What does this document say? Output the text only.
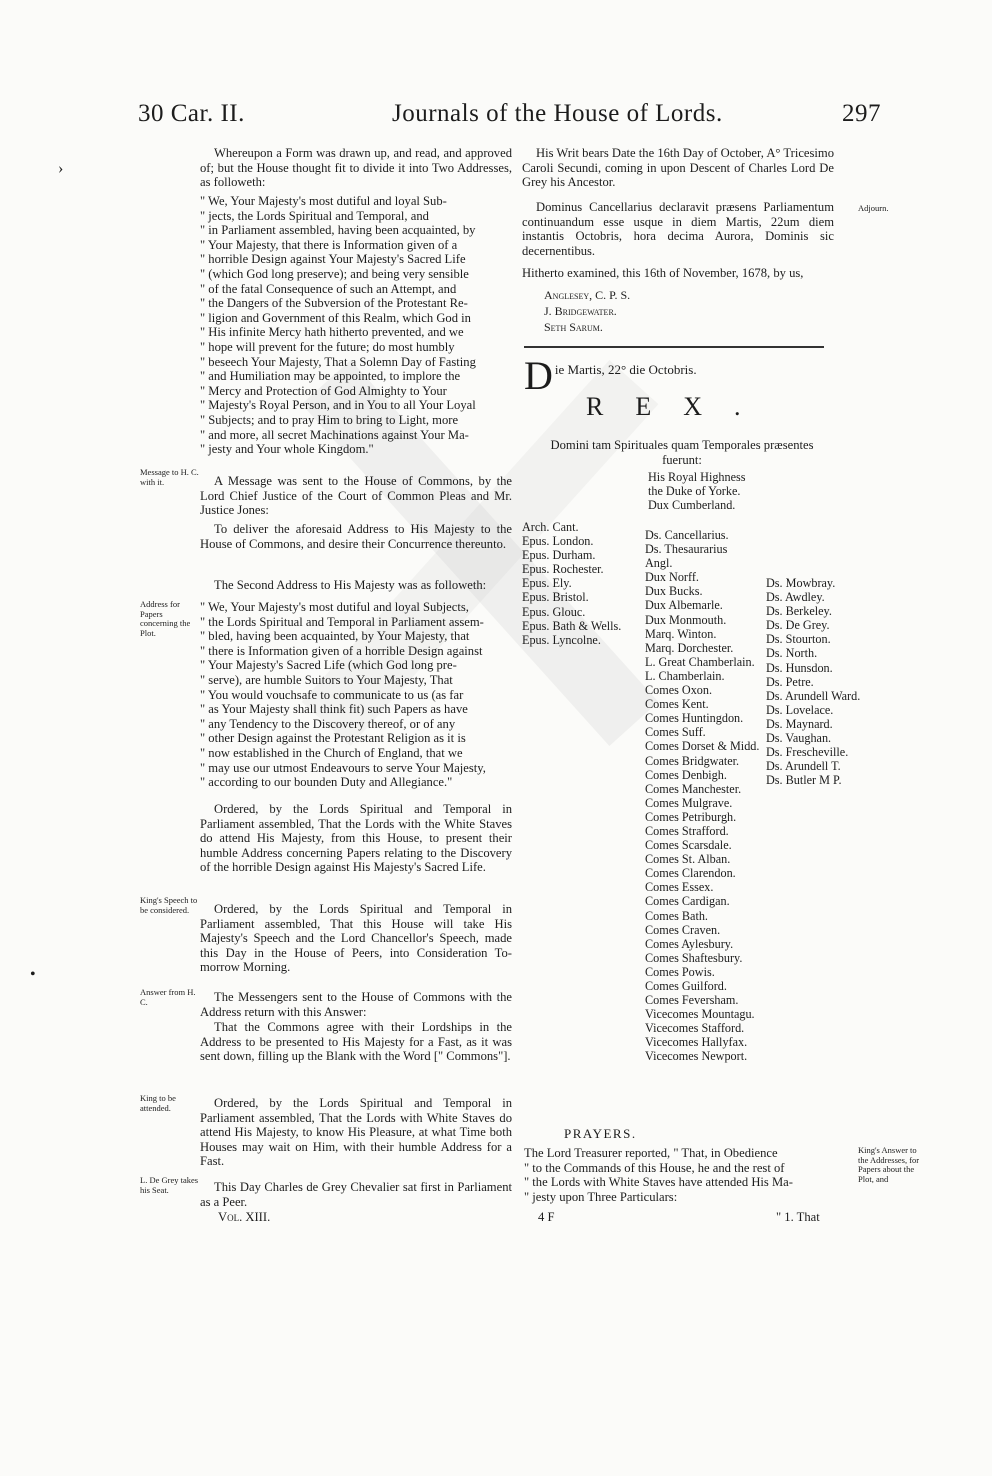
30 Car. II.	Journals of the House of Lords.	297
›
•

Whereupon a Form was drawn up, and read, and approved of; but the House thought fit to divide it into Two Addresses, as followeth:

" We, Your Majesty's most dutiful and loyal Sub-
" jects, the Lords Spiritual and Temporal, and
" in Parliament assembled, having been acquainted, by
" Your Majesty, that there is Information given of a
" horrible Design against Your Majesty's Sacred Life
" (which God long preserve); and being very sensible
" of the fatal Consequence of such an Attempt, and
" the Dangers of the Subversion of the Protestant Re-
" ligion and Government of this Realm, which God in
" His infinite Mercy hath hitherto prevented, and we
" hope will prevent for the future; do most humbly
" beseech Your Majesty, That a Solemn Day of Fasting
" and Humiliation may be appointed, to implore the
" Mercy and Protection of God Almighty to Your
" Majesty's Royal Person, and in You to all Your Loyal
" Subjects; and to pray Him to bring to Light, more
" and more, all secret Machinations against Your Ma-
" jesty and Your whole Kingdom."
Message to H. C. with it.	A Message was sent to the House of Commons, by the Lord Chief Justice of the Court of Common Pleas and Mr. Justice Jones:

To deliver the aforesaid Address to His Majesty to the House of Commons, and desire their Concurrence thereunto.

The Second Address to His Majesty was as followeth:

Address for Papers concerning the Plot.
" We, Your Majesty's most dutiful and loyal Subjects,
" the Lords Spiritual and Temporal in Parliament assem-
" bled, having been acquainted, by Your Majesty, that
" there is Information given of a horrible Design against
" Your Majesty's Sacred Life (which God long pre-
" serve), are humble Suitors to Your Majesty, That
" You would vouchsafe to communicate to us (as far
" as Your Majesty shall think fit) such Papers as have
" any Tendency to the Discovery thereof, or of any
" other Design against the Protestant Religion as it is
" now established in the Church of England, that we
" may use our utmost Endeavours to serve Your Majesty,
" according to our bounden Duty and Allegiance."

Ordered, by the Lords Spiritual and Temporal in Parliament assembled, That the Lords with the White Staves do attend His Majesty, from this House, to present their humble Address concerning Papers relating to the Discovery of the horrible Design against His Majesty's Sacred Life.

King's Speech to be considered.	Ordered, by the Lords Spiritual and Temporal in Parliament assembled, That this House will take His Majesty's Speech and the Lord Chancellor's Speech, made this Day in the House of Peers, into Consideration To-morrow Morning.

Answer from H. C.	The Messengers sent to the House of Commons with the Address return with this Answer:

That the Commons agree with their Lordships in the Address to be presented to His Majesty for a Fast, as it was sent down, filling up the Blank with the Word [" Commons"].

King to be attended.	Ordered, by the Lords Spiritual and Temporal in Parliament assembled, That the Lords with White Staves do attend His Majesty, to know His Pleasure, at what Time both Houses may wait on Him, with their humble Address for a Fast.

L. De Grey takes his Seat.	This Day Charles de Grey Chevalier sat first in Parliament as a Peer.

Vol. XIII.

His Writ bears Date the 16th Day of October, A° Tricesimo Caroli Secundi, coming in upon Descent of Charles Lord De Grey his Ancestor.

Adjourn.

Dominus Cancellarius declaravit præsens Parliamentum continuandum esse usque in diem Martis, 22um diem instantis Octobris, hora decima Aurora, Dominis sic decernentibus.

Hitherto examined, this 16th of November, 1678, by us,

Anglesey, C. P. S.
J. Bridgewater.
Seth Sarum.
D ie Martis, 22° die Octobris.
REX.
Domini tam Spirituales quam Temporales præsentes fuerunt:
His Royal Highness
the Duke of Yorke.
Dux Cumberland.
Arch. Cant.
Epus. London.
Epus. Durham.
Epus. Rochester.
Epus. Ely.
Epus. Bristol.
Epus. Glouc.
Epus. Bath & Wells.
Epus. Lyncolne.
Ds. Cancellarius.
Ds. Thesaurarius
Angl.
Dux Norff.
Dux Bucks.
Dux Albemarle.
Dux Monmouth.
Marq. Winton.
Marq. Dorchester.
L. Great Chamberlain.
L. Chamberlain.
Comes Oxon.
Comes Kent.
Comes Huntingdon.
Comes Suff.
Comes Dorset & Midd.
Comes Bridgwater.
Comes Denbigh.
Comes Manchester.
Comes Mulgrave.
Comes Petriburgh.
Comes Strafford.
Comes Scarsdale.
Comes St. Alban.
Comes Clarendon.
Comes Essex.
Comes Cardigan.
Comes Bath.
Comes Craven.
Comes Aylesbury.
Comes Shaftesbury.
Comes Powis.
Comes Guilford.
Comes Feversham.
Vicecomes Mountagu.
Vicecomes Stafford.
Vicecomes Hallyfax.
Vicecomes Newport.
Ds. Mowbray.
Ds. Awdley.
Ds. Berkeley.
Ds. De Grey.
Ds. Stourton.
Ds. North.
Ds. Hunsdon.
Ds. Petre.
Ds. Arundell Ward.
Ds. Lovelace.
Ds. Maynard.
Ds. Vaughan.
Ds. Frescheville.
Ds. Arundell T.
Ds. Butler M P.
PRAYERS.
The Lord Treasurer reported, " That, in Obedience
" to the Commands of this House, he and the rest of
" the Lords with White Staves have attended His Ma-
" jesty upon Three Particulars:
King's Answer to the Addresses, for Papers about the Plot, and
4 F	" 1. That
